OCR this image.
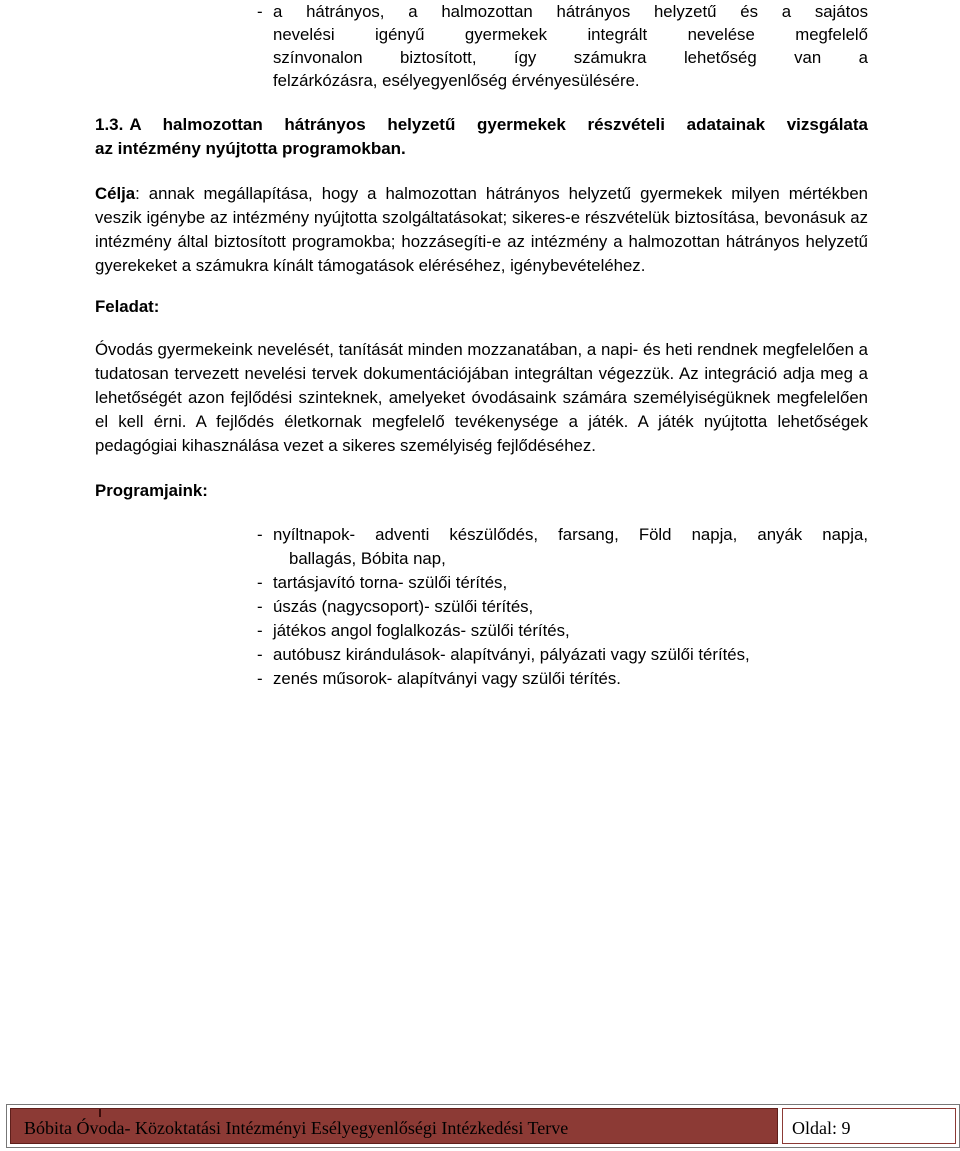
- a hátrányos, a halmozottan hátrányos helyzetű és a sajátos
nevelési igényű gyermekek integrált nevelése megfelelő
színvonalon biztosított, így számukra lehetőség van a
felzárkózásra, esélyegyenlőség érvényesülésére.
1.3. A halmozottan hátrányos helyzetű gyermekek részvételi adatainak vizsgálata
az intézmény nyújtotta programokban.
Célja: annak megállapítása, hogy a halmozottan hátrányos helyzetű gyermekek milyen mértékben veszik igénybe az intézmény nyújtotta szolgáltatásokat; sikeres-e részvételük biztosítása, bevonásuk az intézmény által biztosított programokba; hozzásegíti-e az intézmény a halmozottan hátrányos helyzetű gyerekeket a számukra kínált támogatások eléréséhez, igénybevételéhez.
Feladat:
Óvodás gyermekeink nevelését, tanítását minden mozzanatában, a napi- és heti rendnek megfelelően a tudatosan tervezett nevelési tervek dokumentációjában integráltan végezzük. Az integráció adja meg a lehetőségét azon fejlődési szinteknek, amelyeket óvodásaink számára személyiségüknek megfelelően el kell érni. A fejlődés életkornak megfelelő tevékenysége a játék. A játék nyújtotta lehetőségek pedagógiai kihasználása vezet a sikeres személyiség fejlődéséhez.
Programjaink:
- nyíltnapok- adventi készülődés, farsang, Föld napja, anyák napja,
ballagás, Bóbita nap,
- tartásjavító torna- szülői térítés,
- úszás (nagycsoport)- szülői térítés,
- játékos angol foglalkozás- szülői térítés,
- autóbusz kirándulások- alapítványi, pályázati vagy szülői térítés,
- zenés műsorok- alapítványi vagy szülői térítés.
Bóbita Óvoda- Közoktatási Intézményi Esélyegyenlőségi Intézkedési Terve	Oldal: 9
